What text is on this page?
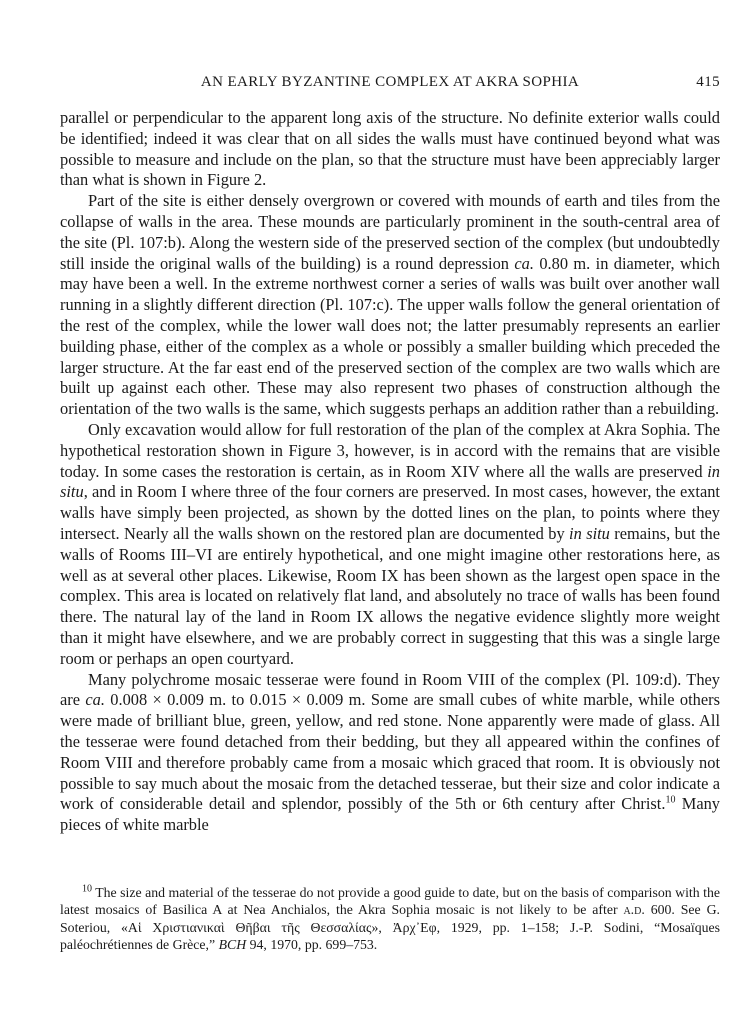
AN EARLY BYZANTINE COMPLEX AT AKRA SOPHIA	415

parallel or perpendicular to the apparent long axis of the structure. No definite exterior walls could be identified; indeed it was clear that on all sides the walls must have continued beyond what was possible to measure and include on the plan, so that the structure must have been appreciably larger than what is shown in Figure 2.

Part of the site is either densely overgrown or covered with mounds of earth and tiles from the collapse of walls in the area. These mounds are particularly prominent in the south-central area of the site (Pl. 107:b). Along the western side of the preserved section of the complex (but undoubtedly still inside the original walls of the building) is a round depression ca. 0.80 m. in diameter, which may have been a well. In the extreme northwest corner a series of walls was built over another wall running in a slightly different direction (Pl. 107:c). The upper walls follow the general orientation of the rest of the complex, while the lower wall does not; the latter presumably represents an earlier building phase, either of the complex as a whole or possibly a smaller building which preceded the larger structure. At the far east end of the preserved section of the complex are two walls which are built up against each other. These may also represent two phases of construction although the orientation of the two walls is the same, which suggests perhaps an addition rather than a rebuilding.

Only excavation would allow for full restoration of the plan of the complex at Akra Sophia. The hypothetical restoration shown in Figure 3, however, is in accord with the remains that are visible today. In some cases the restoration is certain, as in Room XIV where all the walls are preserved in situ, and in Room I where three of the four corners are preserved. In most cases, however, the extant walls have simply been projected, as shown by the dotted lines on the plan, to points where they intersect. Nearly all the walls shown on the restored plan are documented by in situ remains, but the walls of Rooms III–VI are entirely hypothetical, and one might imagine other restorations here, as well as at several other places. Likewise, Room IX has been shown as the largest open space in the complex. This area is located on relatively flat land, and absolutely no trace of walls has been found there. The natural lay of the land in Room IX allows the negative evidence slightly more weight than it might have elsewhere, and we are probably correct in suggesting that this was a single large room or perhaps an open courtyard.

Many polychrome mosaic tesserae were found in Room VIII of the complex (Pl. 109:d). They are ca. 0.008 × 0.009 m. to 0.015 × 0.009 m. Some are small cubes of white marble, while others were made of brilliant blue, green, yellow, and red stone. None apparently were made of glass. All the tesserae were found detached from their bedding, but they all appeared within the confines of Room VIII and therefore probably came from a mosaic which graced that room. It is obviously not possible to say much about the mosaic from the detached tesserae, but their size and color indicate a work of considerable detail and splendor, possibly of the 5th or 6th century after Christ.$^{10}$ Many pieces of white marble

$^{10}$ The size and material of the tesserae do not provide a good guide to date, but on the basis of comparison with the latest mosaics of Basilica A at Nea Anchialos, the Akra Sophia mosaic is not likely to be after a.d. 600. See G. Soteriou, «Αἱ Χριστιανικαὶ Θῆβαι τῆς Θεσσαλίας», Ἀρχ᾽Εφ, 1929, pp. 1–158; J.-P. Sodini, “Mosaïques paléochrétiennes de Grèce,” BCH 94, 1970, pp. 699–753.
